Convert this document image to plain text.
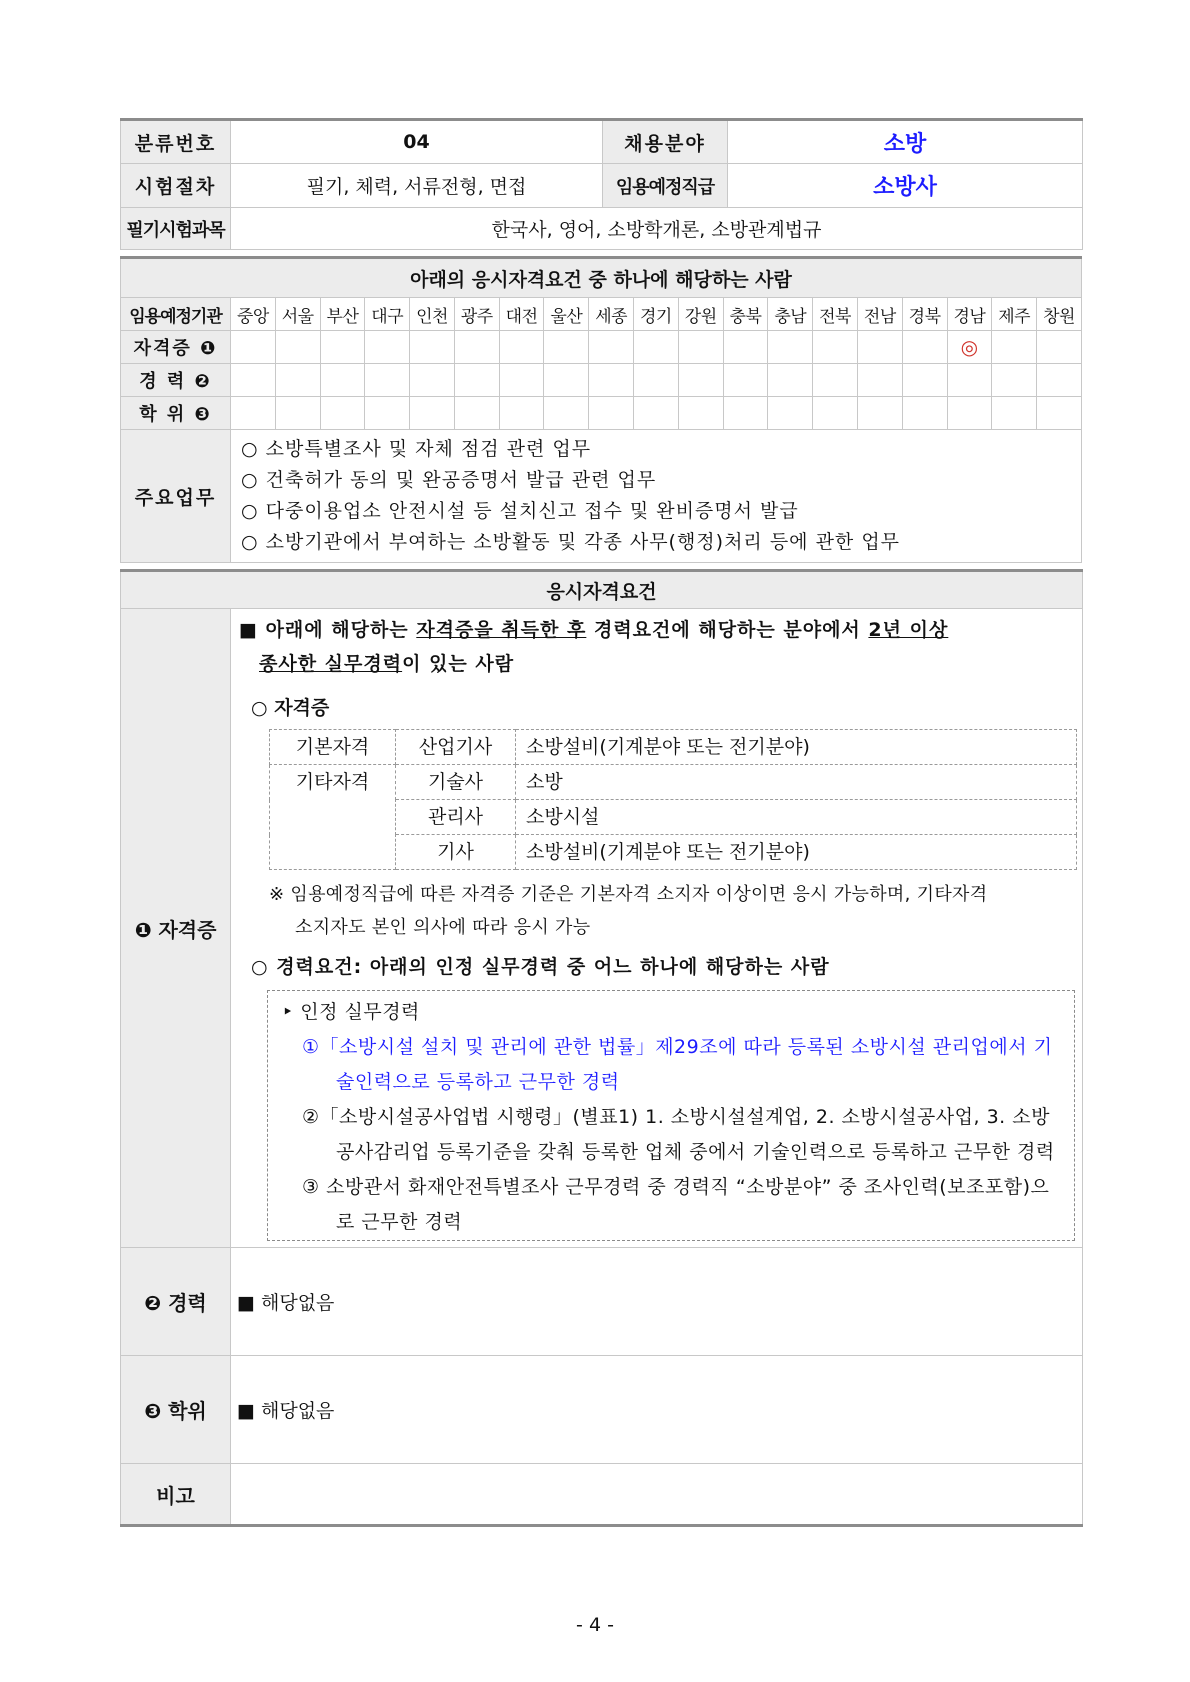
분류번호	04	채용분야	소방
시험절차	필기, 체력, 서류전형, 면접	임용예정직급	소방사
필기시험과목	한국사, 영어, 소방학개론, 소방관계법규		
아래의 응시자격요건 중 하나에 해당하는 사람																			
임용예정기관	중앙	서울	부산	대구	인천	광주	대전	울산	세종	경기	강원	충북	충남	전북	전남	경북	경남	제주	창원
자격증 ❶																	◎		
경 력 ❷																			
학 위 ❸																			
주요업무	○ 소방특별조사 및 자체 점검 관련 업무
○ 건축허가 동의 및 완공증명서 발급 관련 업무
○ 다중이용업소 안전시설 등 설치신고 접수 및 완비증명서 발급
○ 소방기관에서 부여하는 소방활동 및 각종 사무(행정)처리 등에 관한 업무																		
응시자격요건
❶ 자격증	
■ 아래에 해당하는 자격증을 취득한 후 경력요건에 해당하는 분야에서 2년 이상
종사한 실무경력이 있는 사람
○ 자격증
기본자격	산업기사	소방설비(기계분야 또는 전기분야)
기타자격	기술사	소방
관리사	소방시설
기사	소방설비(기계분야 또는 전기분야)
※ 임용예정직급에 따른 자격증 기준은 기본자격 소지자 이상이면 응시 가능하며, 기타자격
소지자도 본인 의사에 따라 응시 가능
○ 경력요건: 아래의 인정 실무경력 중 어느 하나에 해당하는 사람
‣ 인정 실무경력
①「소방시설 설치 및 관리에 관한 법률」제29조에 따라 등록된 소방시설 관리업에서 기술인력으로 등록하고 근무한 경력
②「소방시설공사업법 시행령」(별표1) 1. 소방시설설계업, 2. 소방시설공사업, 3. 소방공사감리업 등록기준을 갖춰 등록한 업체 중에서 기술인력으로 등록하고 근무한 경력
③ 소방관서 화재안전특별조사 근무경력 중 경력직 “소방분야” 중 조사인력(보조포함)으로 근무한 경력

❷ 경력	■ 해당없음
❸ 학위	■ 해당없음
비고	
- 4 -
